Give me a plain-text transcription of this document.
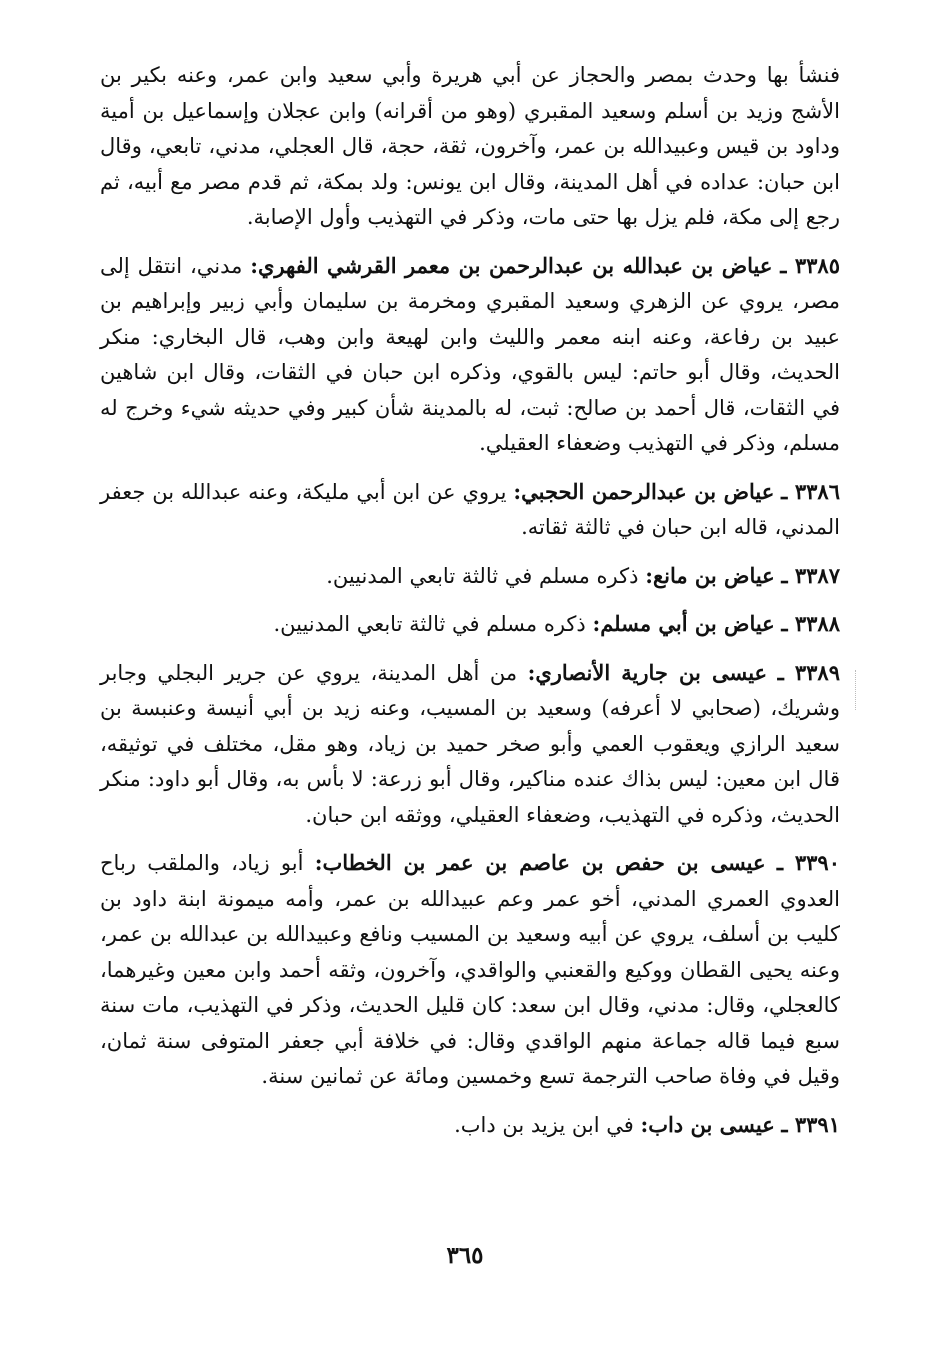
فنشأ بها وحدث بمصر والحجاز عن أبي هريرة وأبي سعيد وابن عمر، وعنه بكير بن الأشج وزيد بن أسلم وسعيد المقبري (وهو من أقرانه) وابن عجلان وإسماعيل بن أمية وداود بن قيس وعبيدالله بن عمر، وآخرون، ثقة، حجة، قال العجلي، مدني، تابعي، وقال ابن حبان: عداده في أهل المدينة، وقال ابن يونس: ولد بمكة، ثم قدم مصر مع أبيه، ثم رجع إلى مكة، فلم يزل بها حتى مات، وذكر في التهذيب وأول الإصابة.

٣٣٨٥ ـ عياض بن عبدالله بن عبدالرحمن بن معمر القرشي الفهري: مدني، انتقل إلى مصر، يروي عن الزهري وسعيد المقبري ومخرمة بن سليمان وأبي زبير وإبراهيم بن عبيد بن رفاعة، وعنه ابنه معمر والليث وابن لهيعة وابن وهب، قال البخاري: منكر الحديث، وقال أبو حاتم: ليس بالقوي، وذكره ابن حبان في الثقات، وقال ابن شاهين في الثقات، قال أحمد بن صالح: ثبت، له بالمدينة شأن كبير وفي حديثه شيء وخرج له مسلم، وذكر في التهذيب وضعفاء العقيلي.

٣٣٨٦ ـ عياض بن عبدالرحمن الحجبي: يروي عن ابن أبي مليكة، وعنه عبدالله بن جعفر المدني، قاله ابن حبان في ثالثة ثقاته.

٣٣٨٧ ـ عياض بن مانع: ذكره مسلم في ثالثة تابعي المدنيين.

٣٣٨٨ ـ عياض بن أبي مسلم: ذكره مسلم في ثالثة تابعي المدنيين.

٣٣٨٩ ـ عيسى بن جارية الأنصاري: من أهل المدينة، يروي عن جرير البجلي وجابر وشريك، (صحابي لا أعرفه) وسعيد بن المسيب، وعنه زيد بن أبي أنيسة وعنبسة بن سعيد الرازي ويعقوب العمي وأبو صخر حميد بن زياد، وهو مقل، مختلف في توثيقه، قال ابن معين: ليس بذاك عنده مناكير، وقال أبو زرعة: لا بأس به، وقال أبو داود: منكر الحديث، وذكره في التهذيب، وضعفاء العقيلي، ووثقه ابن حبان.

٣٣٩٠ ـ عيسى بن حفص بن عاصم بن عمر بن الخطاب: أبو زياد، والملقب رباح العدوي العمري المدني، أخو عمر وعم عبيدالله بن عمر، وأمه ميمونة ابنة داود بن كليب بن أسلف، يروي عن أبيه وسعيد بن المسيب ونافع وعبيدالله بن عبدالله بن عمر، وعنه يحيى القطان ووكيع والقعنبي والواقدي، وآخرون، وثقه أحمد وابن معين وغيرهما، كالعجلي، وقال: مدني، وقال ابن سعد: كان قليل الحديث، وذكر في التهذيب، مات سنة سبع فيما قاله جماعة منهم الواقدي وقال: في خلافة أبي جعفر المتوفى سنة ثمان، وقيل في وفاة صاحب الترجمة تسع وخمسين ومائة عن ثمانين سنة.

٣٣٩١ ـ عيسى بن داب: في ابن يزيد بن داب.

٣٦٥
